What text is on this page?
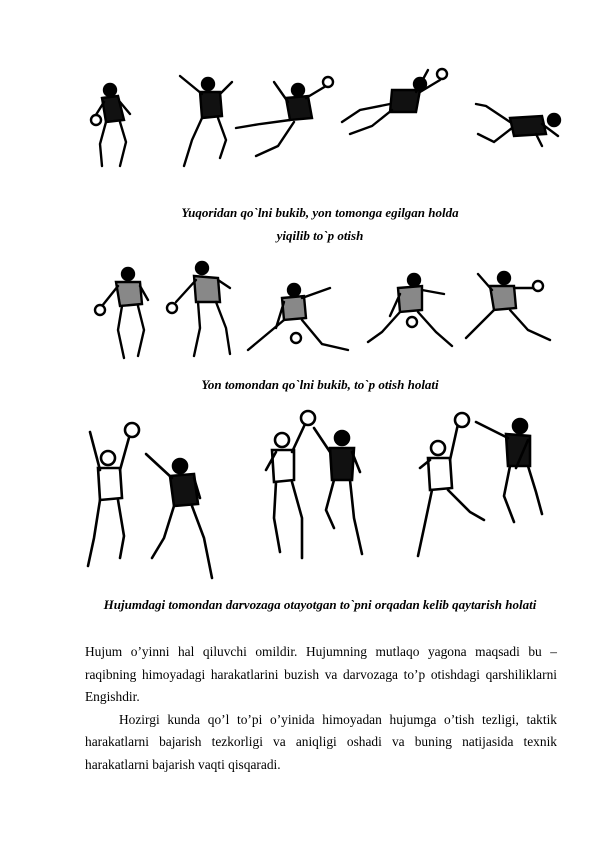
Yuqoridan qo`lni bukib, yon tomonga egilgan holda
yiqilib to`p otish
Yon tomondan qo`lni bukib, to`p otish holati
Hujumdagi tomondan darvozaga otayotgan to`pni orqadan kelib qaytarish holati

Hujum o’yinni hal qiluvchi omildir. Hujumning mutlaqo yagona maqsadi bu – raqibning himoyadagi harakatlarini buzish va darvozaga to’p otishdagi qarshiliklarni Engishdir.

Hozirgi kunda qo’l to’pi o’yinida himoyadan hujumga o’tish tezligi, taktik harakatlarni bajarish tezkorligi va aniqligi oshadi va buning natijasida texnik harakatlarni bajarish vaqti qisqaradi.
